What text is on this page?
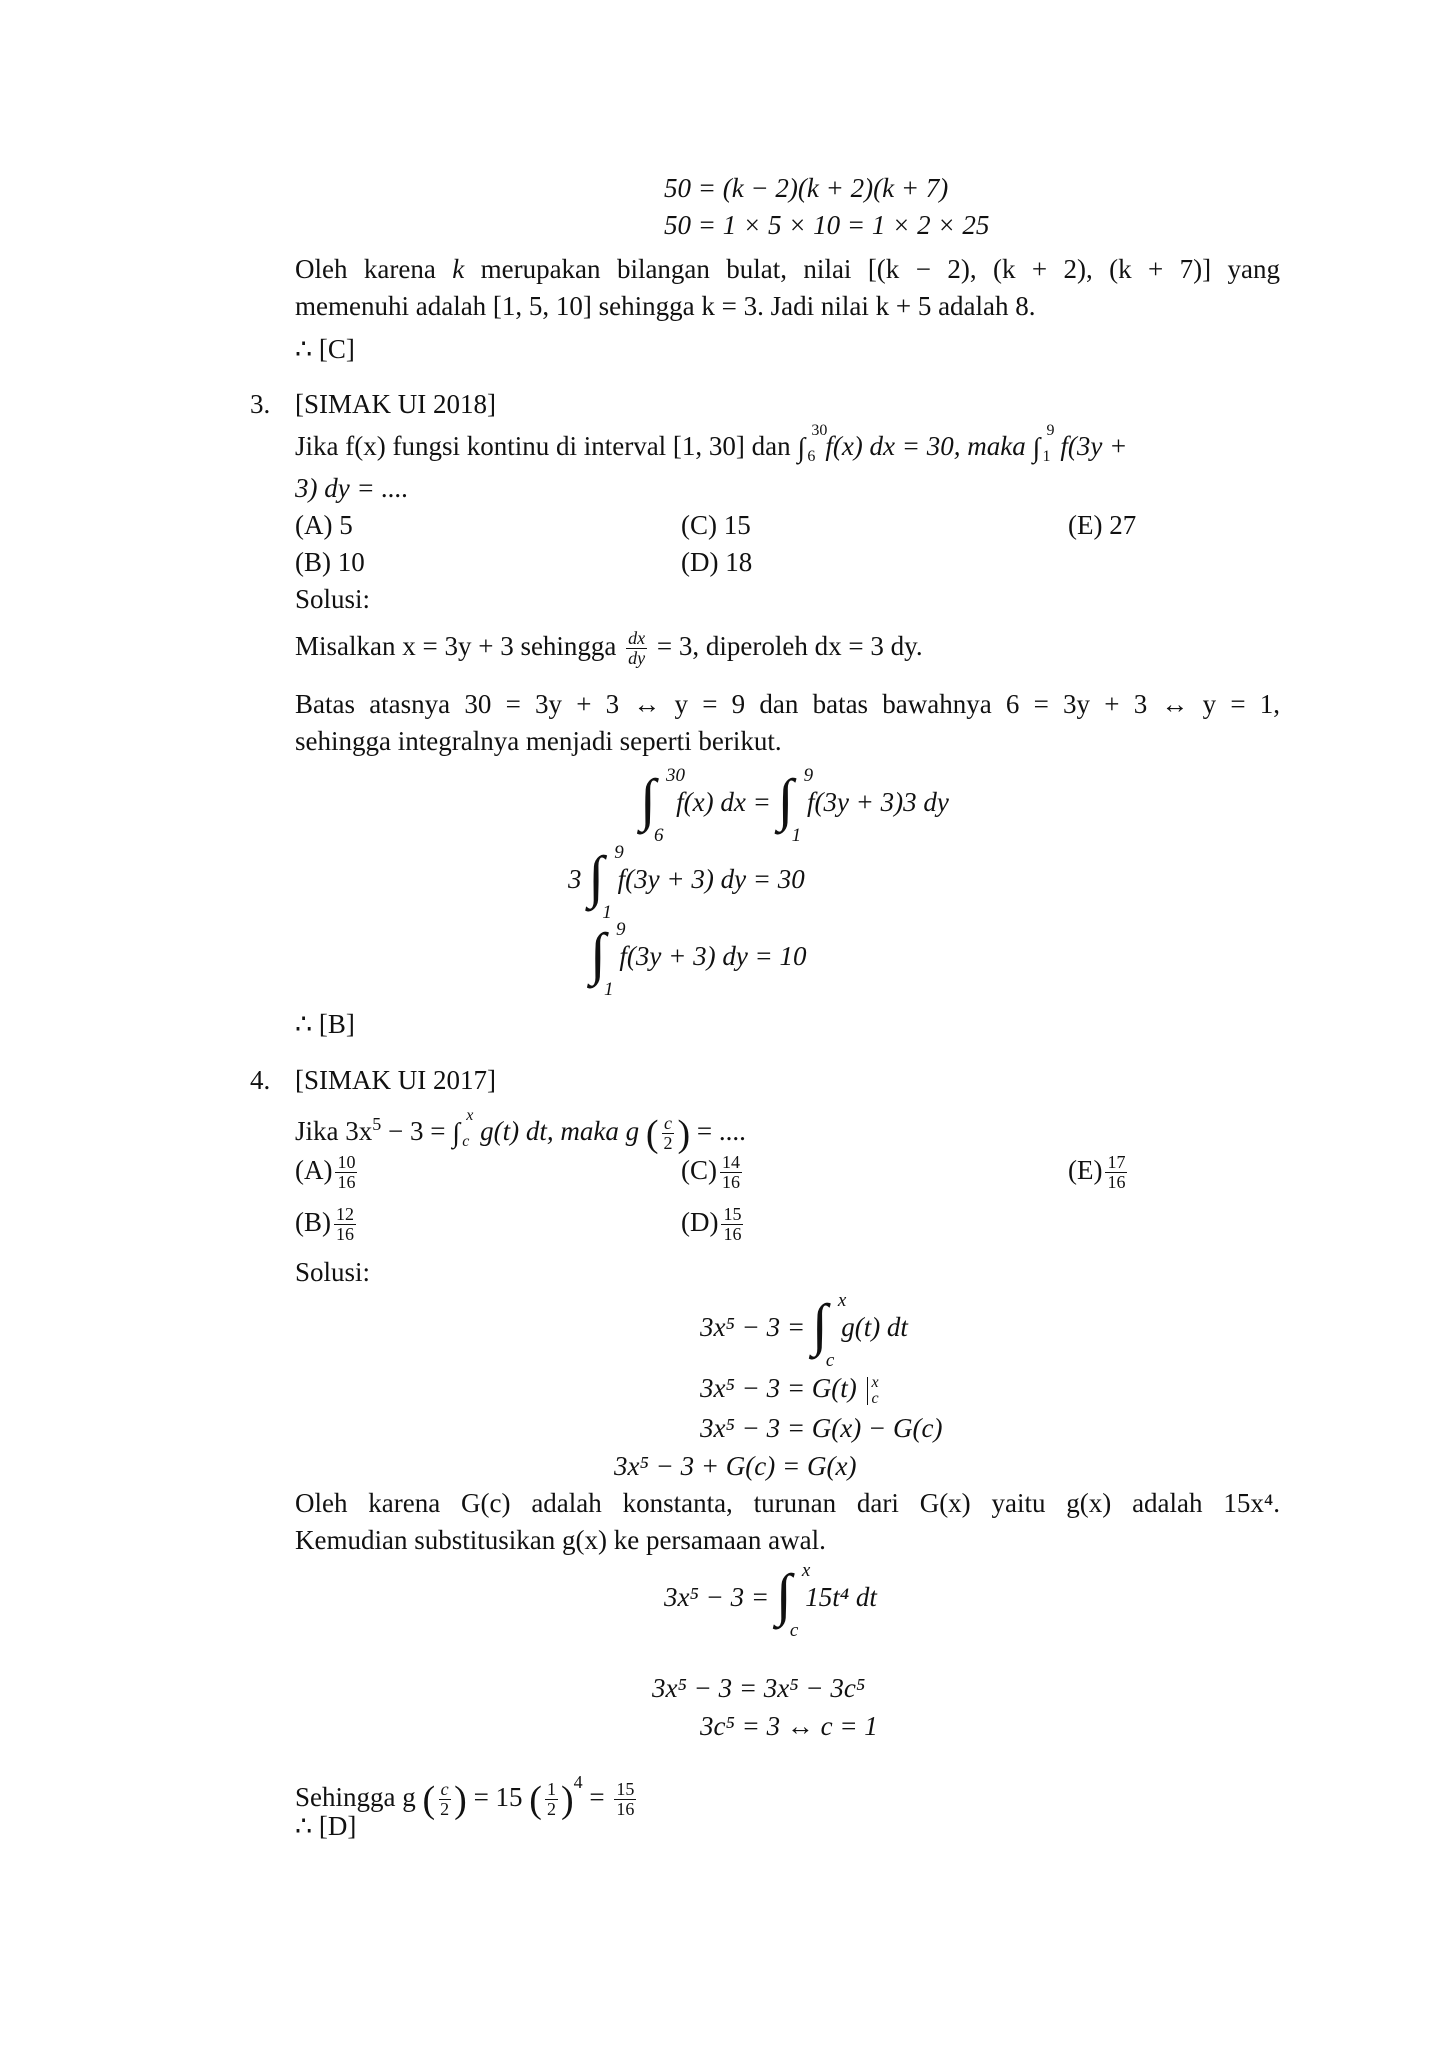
50 = (k − 2)(k + 2)(k + 7)
50 = 1 × 5 × 10 = 1 × 2 × 25
Oleh karena k merupakan bilangan bulat, nilai [(k − 2), (k + 2), (k + 7)] yang
memenuhi adalah [1, 5, 10] sehingga k = 3. Jadi nilai k + 5 adalah 8.
∴ [C]
3. [SIMAK UI 2018]
Jika f(x) fungsi kontinu di interval [1, 30] dan ∫
30
6 f(x) dx = 30, maka ∫
9
1 f(3y +
3) dy = ....
(A) 5	(C) 15	(E) 27
(B) 10	(D) 18
Solusi:
Misalkan x = 3y + 3 sehingga $\frac{dx}{dy} = 3$, diperoleh dx = 3 dy.
Batas atasnya 30 = 3y + 3 ↔ y = 9 dan batas bawahnya 6 = 3y + 3 ↔ y = 1,
sehingga integralnya menjadi seperti berikut.
∫ 30
6
f(x) dx = ∫ 9
1
f(3y + 3)3 dy
3 ∫ 9
1
f(3y + 3) dy = 30
∫ 9
1
f(3y + 3) dy = 10
∴ [B]
4. [SIMAK UI 2017]
Jika $3x^5 - 3$ = ∫
x
c g(t) dt, maka g ( $\frac{c}{2}$ ) = ....
$(A) \frac{10}{16}$	$(C) \frac{14}{16}$	$(E) \frac{17}{16}$
$(B) \frac{12}{16}$	$(D) \frac{15}{16}$
Solusi:
3x⁵ − 3 = ∫ x
c
g(t) dt
3x⁵ − 3 = G(t) x
c
3x⁵ − 3 = G(x) − G(c)
3x⁵ − 3 + G(c) = G(x)
Oleh karena G(c) adalah konstanta, turunan dari G(x) yaitu g(x) adalah 15x⁴.
Kemudian substitusikan g(x) ke persamaan awal.
3x⁵ − 3 = ∫ x
c
15t⁴ dt
3x⁵ − 3 = 3x⁵ − 3c⁵
3c⁵ = 3 ↔ c = 1
Sehingga g ( $\frac{c}{2}$ ) = 15 ( $\frac{1}{2} )^4 = \frac{15}{16}$
∴ [D]
